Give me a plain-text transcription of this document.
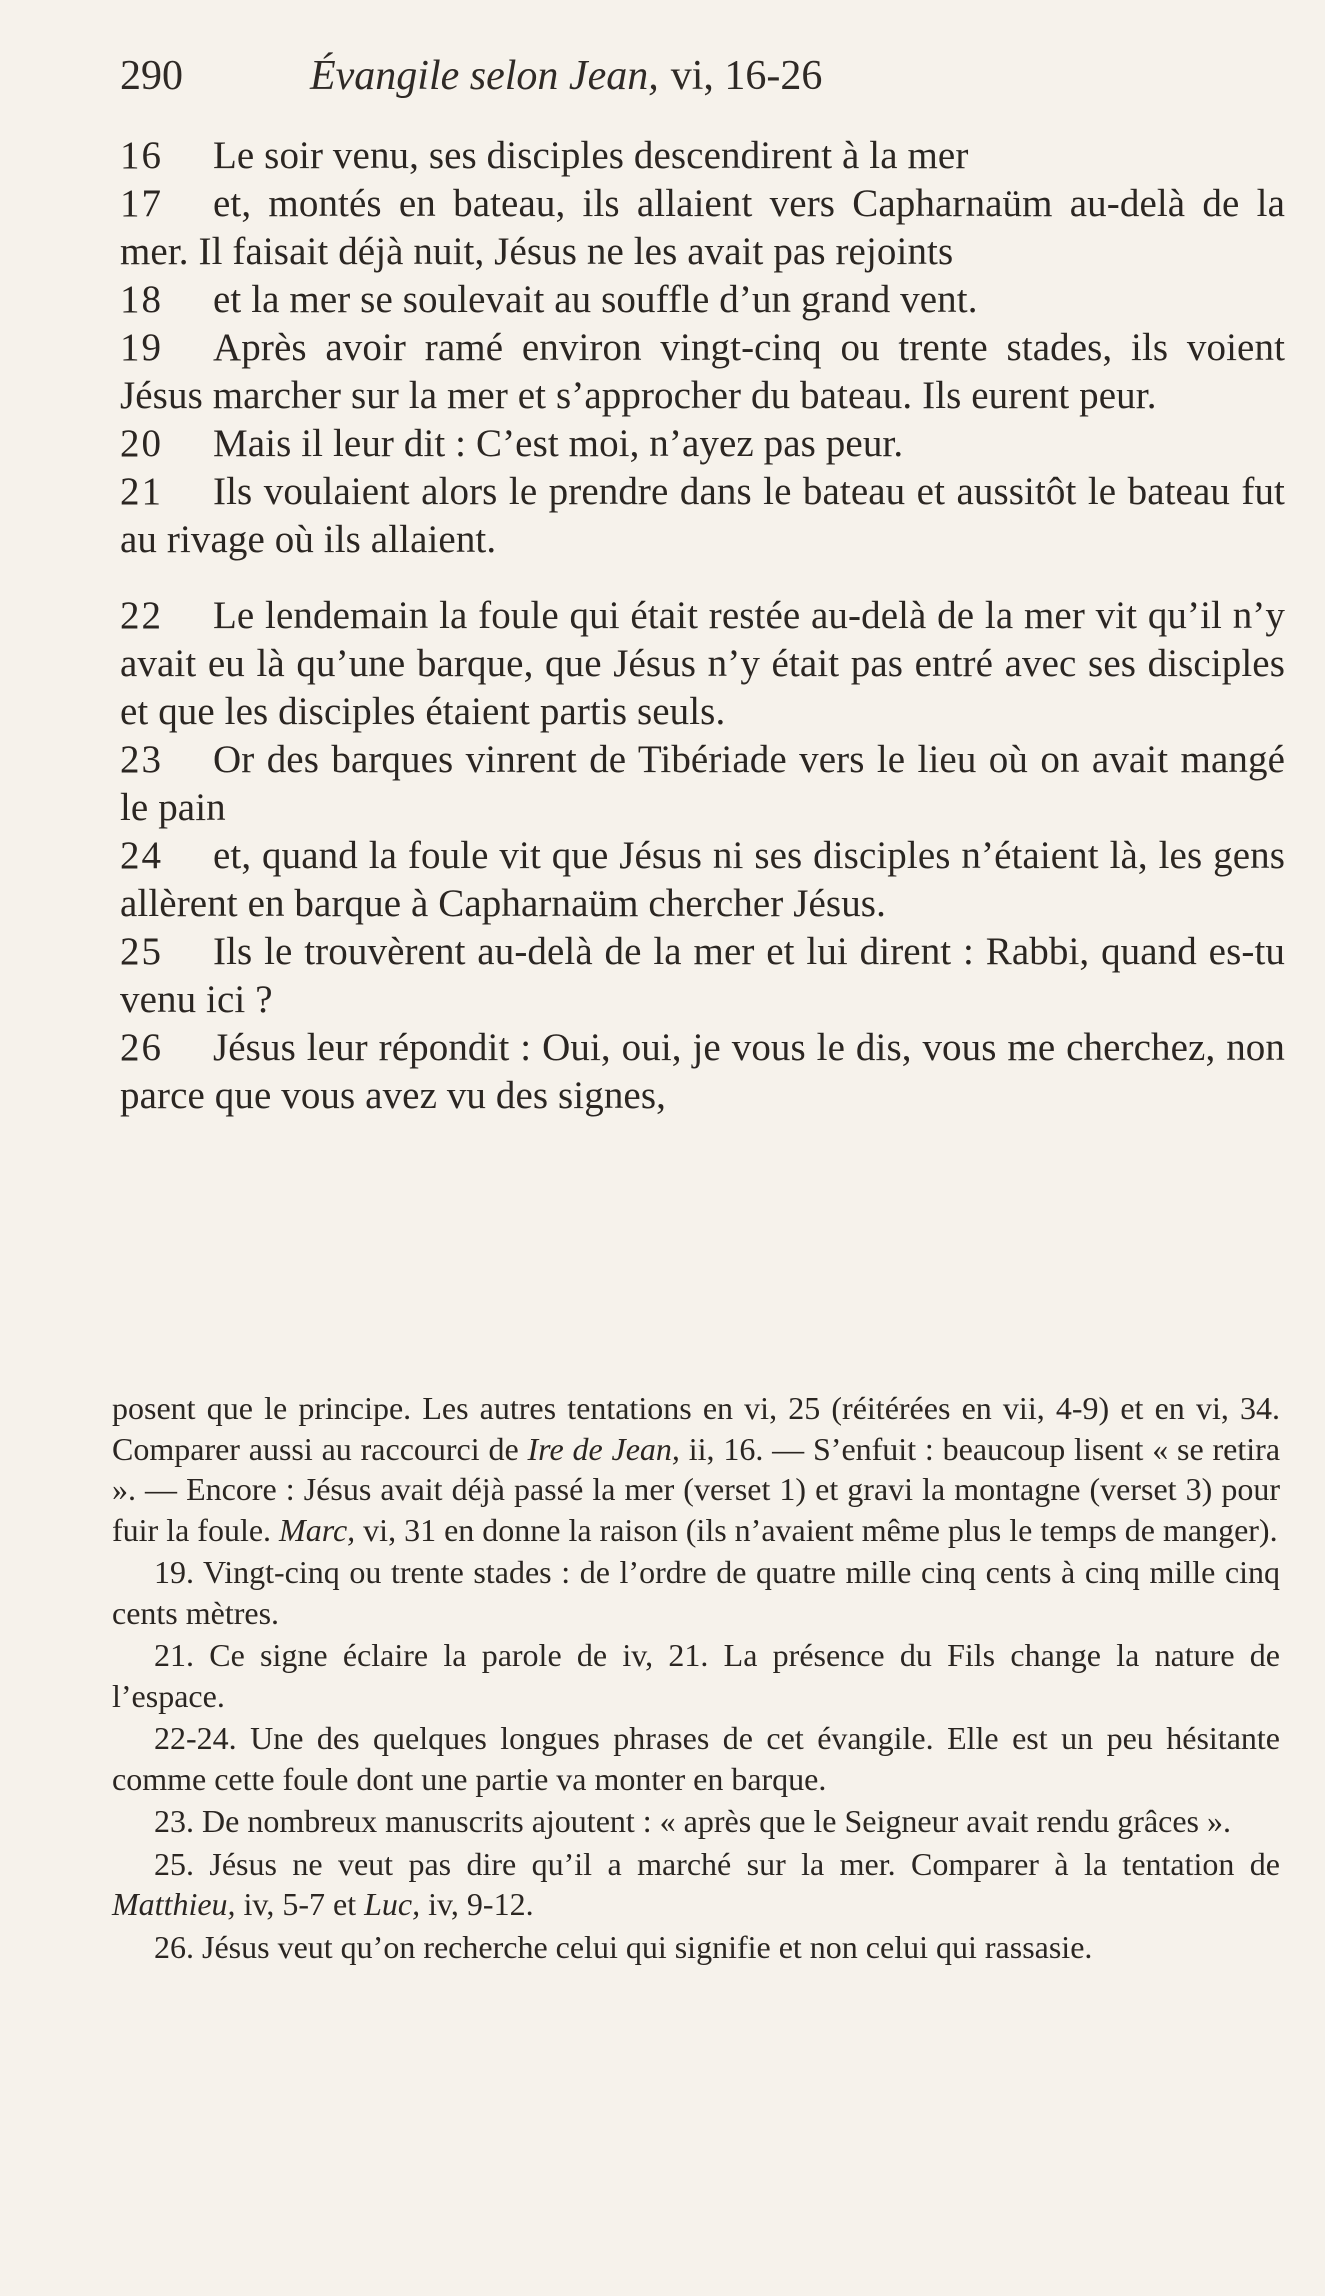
290	Évangile selon Jean, vi, 16-26

16 Le soir venu, ses disciples descendirent à la mer

17 et, montés en bateau, ils allaient vers Capharnaüm au-delà de la mer. Il faisait déjà nuit, Jésus ne les avait pas rejoints

18 et la mer se soulevait au souffle d’un grand vent.

19 Après avoir ramé environ vingt-cinq ou trente stades, ils voient Jésus marcher sur la mer et s’approcher du bateau. Ils eurent peur.

20 Mais il leur dit : C’est moi, n’ayez pas peur.

21 Ils voulaient alors le prendre dans le bateau et aussitôt le bateau fut au rivage où ils allaient.

22 Le lendemain la foule qui était restée au-delà de la mer vit qu’il n’y avait eu là qu’une barque, que Jésus n’y était pas entré avec ses disciples et que les disciples étaient partis seuls.

23 Or des barques vinrent de Tibériade vers le lieu où on avait mangé le pain

24 et, quand la foule vit que Jésus ni ses disciples n’étaient là, les gens allèrent en barque à Capharnaüm chercher Jésus.

25 Ils le trouvèrent au-delà de la mer et lui dirent : Rabbi, quand es-tu venu ici ?

26 Jésus leur répondit : Oui, oui, je vous le dis, vous me cherchez, non parce que vous avez vu des signes,

posent que le principe. Les autres tentations en vi, 25 (réitérées en vii, 4-9) et en vi, 34. Comparer aussi au raccourci de Ire de Jean, ii, 16. — S’enfuit : beaucoup lisent « se retira ». — Encore : Jésus avait déjà passé la mer (verset 1) et gravi la montagne (verset 3) pour fuir la foule. Marc, vi, 31 en donne la raison (ils n’avaient même plus le temps de manger).

19. Vingt-cinq ou trente stades : de l’ordre de quatre mille cinq cents à cinq mille cinq cents mètres.

21. Ce signe éclaire la parole de iv, 21. La présence du Fils change la nature de l’espace.

22-24. Une des quelques longues phrases de cet évangile. Elle est un peu hésitante comme cette foule dont une partie va monter en barque.

23. De nombreux manuscrits ajoutent : « après que le Seigneur avait rendu grâces ».

25. Jésus ne veut pas dire qu’il a marché sur la mer. Comparer à la tentation de Matthieu, iv, 5-7 et Luc, iv, 9-12.

26. Jésus veut qu’on recherche celui qui signifie et non celui qui rassasie.
